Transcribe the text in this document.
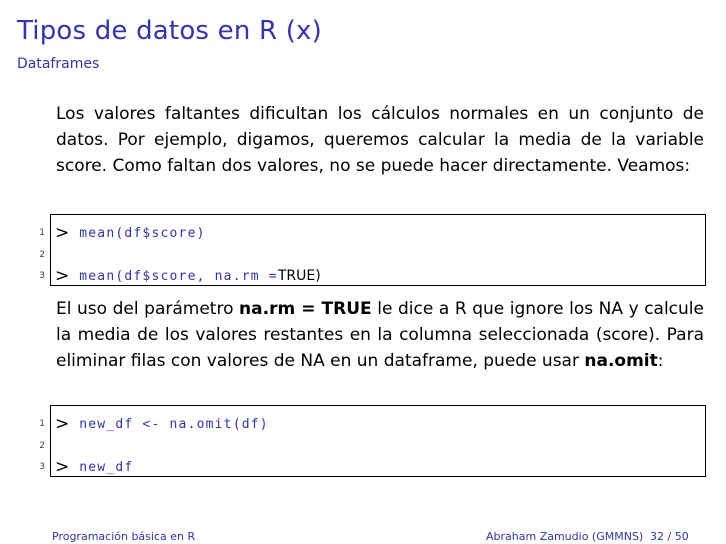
Tipos de datos en R (x)
Dataframes

Los valores faltantes dificultan los cálculos normales en un conjunto de datos. Por ejemplo, digamos, queremos calcular la media de la variable score. Como faltan dos valores, no se puede hacer directamente. Veamos:

1 > mean(df$score)
2
3 > mean(df$score, na.rm = TRUE)

El uso del parámetro na.rm = TRUE le dice a R que ignore los NA y calcule la media de los valores restantes en la columna seleccionada (score). Para eliminar filas con valores de NA en un dataframe, puede usar na.omit:

1 > new_df <- na.omit(df)
2
3 > new_df
Programación básica en R	Abraham Zamudio (GMMNS) 32 / 50
